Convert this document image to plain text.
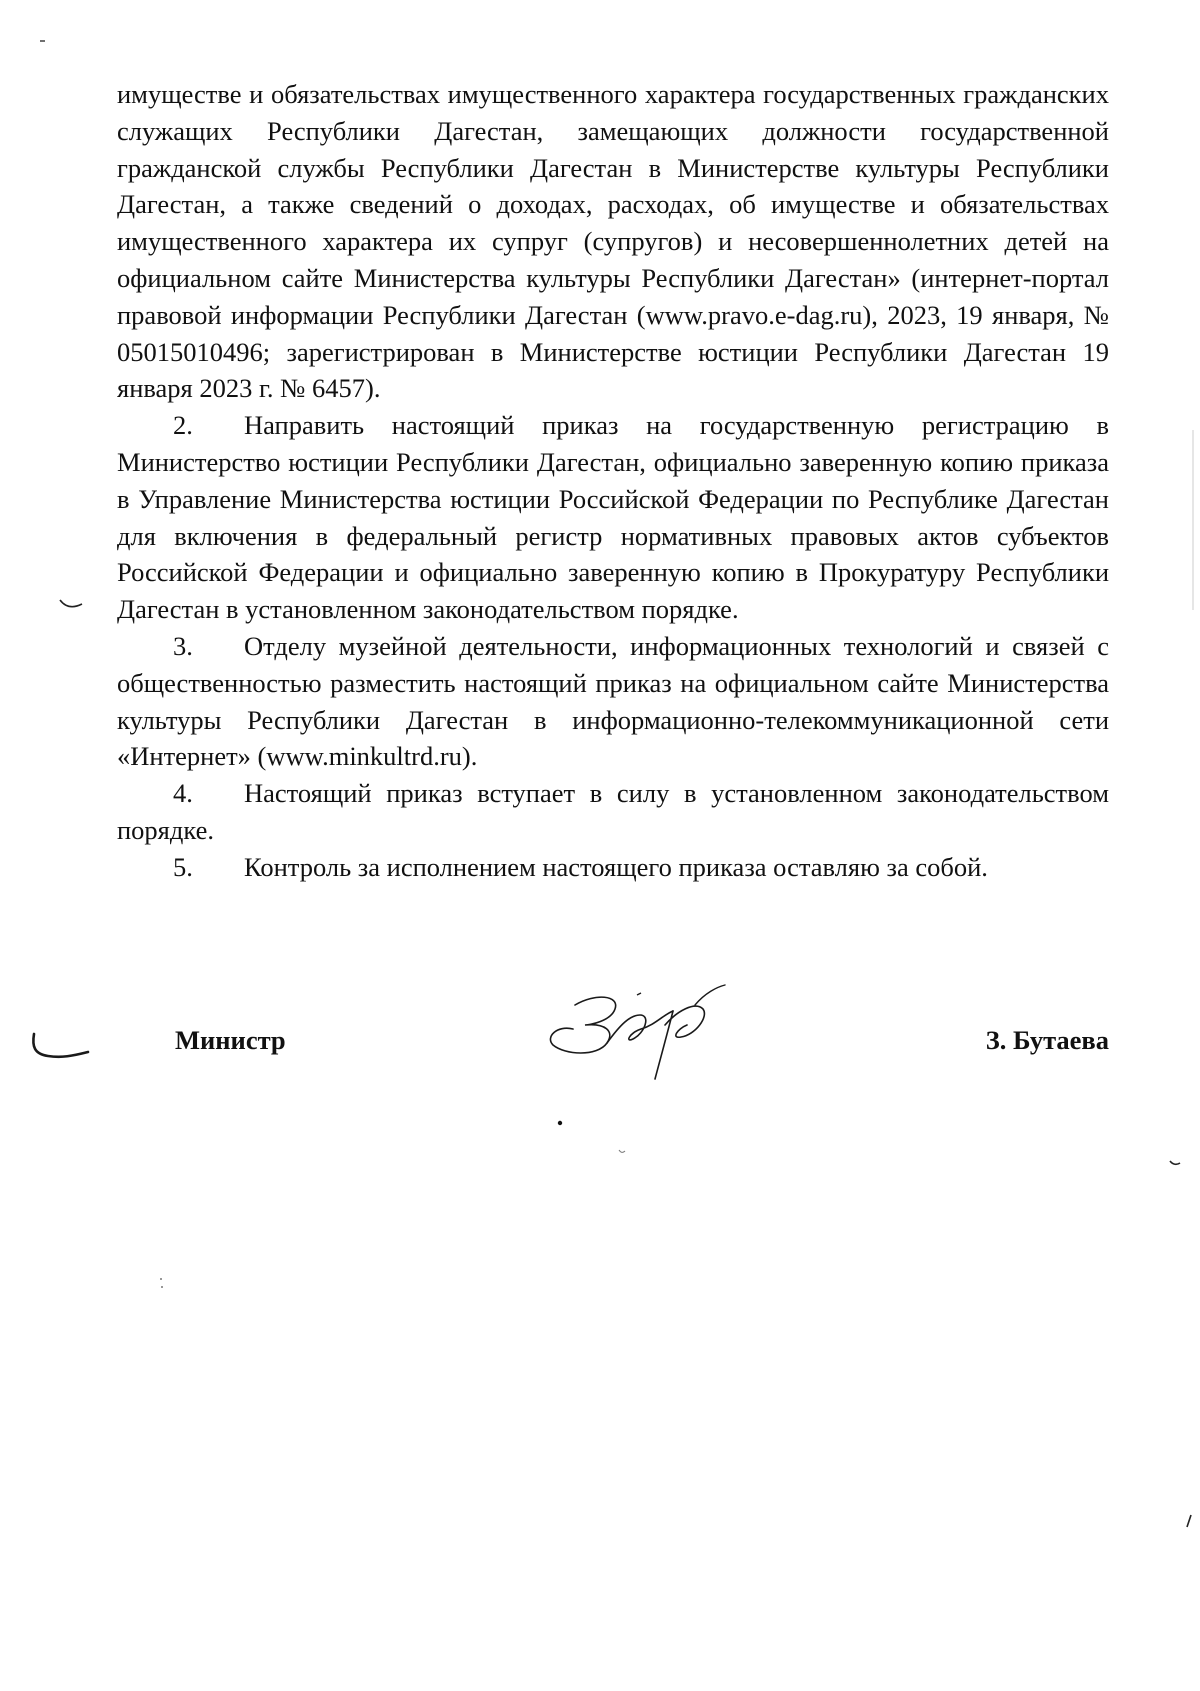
имуществе и обязательствах имущественного характера государственных гражданских служащих Республики Дагестан, замещающих должности государственной гражданской службы Республики Дагестан в Министерстве культуры Республики Дагестан, а также сведений о доходах, расходах, об имуществе и обязательствах имущественного характера их супруг (супругов) и несовершеннолетних детей на официальном сайте Министерства культуры Республики Дагестан» (интернет-портал правовой информации Республики Дагестан (www.pravo.e-dag.ru), 2023, 19 января, № 05015010496; зарегистрирован в Министерстве юстиции Республики Дагестан 19 января 2023 г. № 6457).

2. Направить настоящий приказ на государственную регистрацию в Министерство юстиции Республики Дагестан, официально заверенную копию приказа в Управление Министерства юстиции Российской Федерации по Республике Дагестан для включения в федеральный регистр нормативных правовых актов субъектов Российской Федерации и официально заверенную копию в Прокуратуру Республики Дагестан в установленном законодательством порядке.

3. Отделу музейной деятельности, информационных технологий и связей с общественностью разместить настоящий приказ на официальном сайте Министерства культуры Республики Дагестан в информационно-телекоммуникационной сети «Интернет» (www.minkultrd.ru).

4. Настоящий приказ вступает в силу в установленном законодательством порядке.

5. Контроль за исполнением настоящего приказа оставляю за собой.

Министр	З. Бутаева
